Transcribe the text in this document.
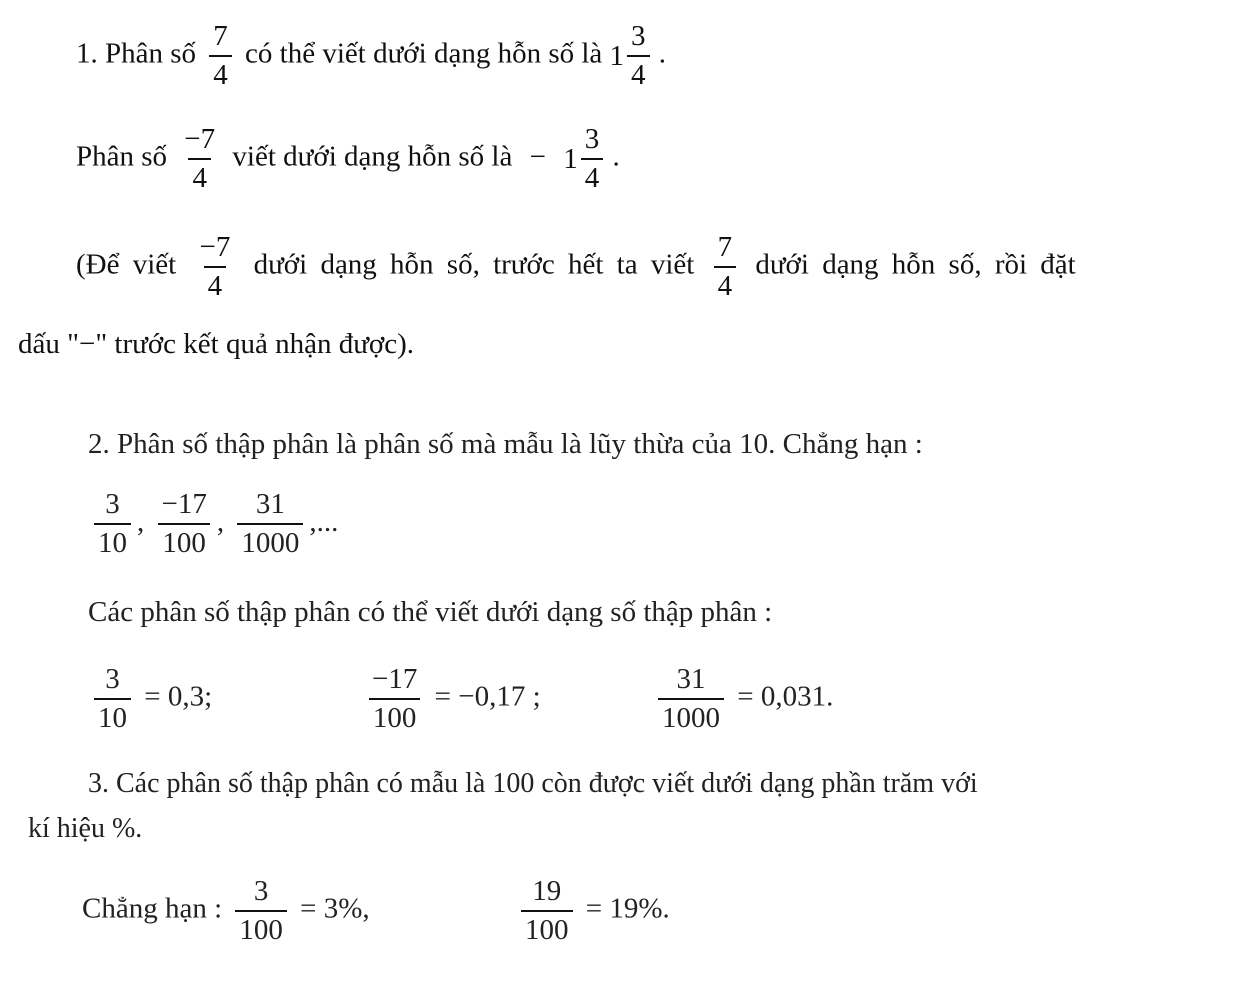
1. Phân số $\frac{7}{4}$ có thể viết dưới dạng hỗn số là $1 \frac{3}{4}$ .
Phân số $\frac{-7}{4}$ viết dưới dạng hỗn số là − $1 \frac{3}{4}$ .
(Để viết $\frac{-7}{4}$ dưới dạng hỗn số, trước hết ta viết $\frac{7}{4}$ dưới dạng hỗn số, rồi đặt
dấu "−" trước kết quả nhận được).
2. Phân số thập phân là phân số mà mẫu là lũy thừa của 10. Chẳng hạn :
$\frac{3}{10}$ , $\frac{-17}{100}$ , $\frac{31}{1000}$ ,...
Các phân số thập phân có thể viết dưới dạng số thập phân :
$\frac{3}{10} = 0,3$;	$\frac{-17}{100} = -0,17$ ;	$\frac{31}{1000} = 0,031$.
3. Các phân số thập phân có mẫu là 100 còn được viết dưới dạng phần trăm với
kí hiệu %.
Chẳng hạn : $\frac{3}{100} = 3\%$,	$\frac{19}{100} = 19\%$.
